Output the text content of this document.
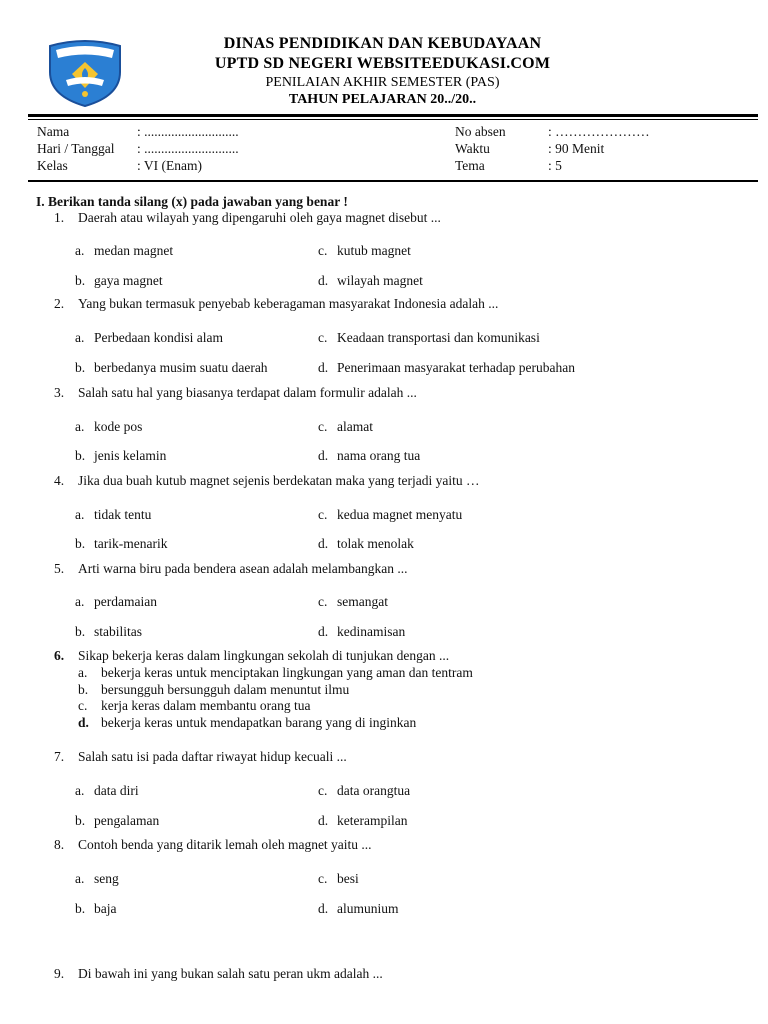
DINAS PENDIDIKAN DAN KEBUDAYAAN
UPTD SD NEGERI WEBSITEEDUKASI.COM
PENILAIAN AKHIR SEMESTER (PAS)
TAHUN PELAJARAN 20../20..
Nama	: ............................
Hari / Tanggal : ............................
Kelas	: VI (Enam)
No absen	: …………………
Waktu	: 90 Menit
Tema	: 5
I. Berikan tanda silang (x) pada jawaban yang benar !
1. Daerah atau wilayah yang dipengaruhi oleh gaya magnet disebut ...
a. medan magnet	c. kutub magnet
b. gaya magnet	d. wilayah magnet
2. Yang bukan termasuk penyebab keberagaman masyarakat Indonesia adalah ...
a. Perbedaan kondisi alam	c. Keadaan transportasi dan komunikasi
b. berbedanya musim suatu daerah	d. Penerimaan masyarakat terhadap perubahan
3. Salah satu hal yang biasanya terdapat dalam formulir adalah ...
a. kode pos	c. alamat
b. jenis kelamin	d. nama orang tua
4. Jika dua buah kutub magnet sejenis berdekatan maka yang terjadi yaitu …
a. tidak tentu	c. kedua magnet menyatu
b. tarik-menarik	d. tolak menolak
5. Arti warna biru pada bendera asean adalah melambangkan ...
a. perdamaian	c. semangat
b. stabilitas	d. kedinamisan
6. Sikap bekerja keras dalam lingkungan sekolah di tunjukan dengan ...
a. bekerja keras untuk menciptakan lingkungan yang aman dan tentram
b. bersungguh bersungguh dalam menuntut ilmu
c. kerja keras dalam membantu orang tua
d. bekerja keras untuk mendapatkan barang yang di inginkan
7. Salah satu isi pada daftar riwayat hidup kecuali ...
a. data diri	c. data orangtua
b. pengalaman	d. keterampilan
8. Contoh benda yang ditarik lemah oleh magnet yaitu ...
a. seng	c. besi
b. baja	d. alumunium
9. Di bawah ini yang bukan salah satu peran ukm adalah ...
